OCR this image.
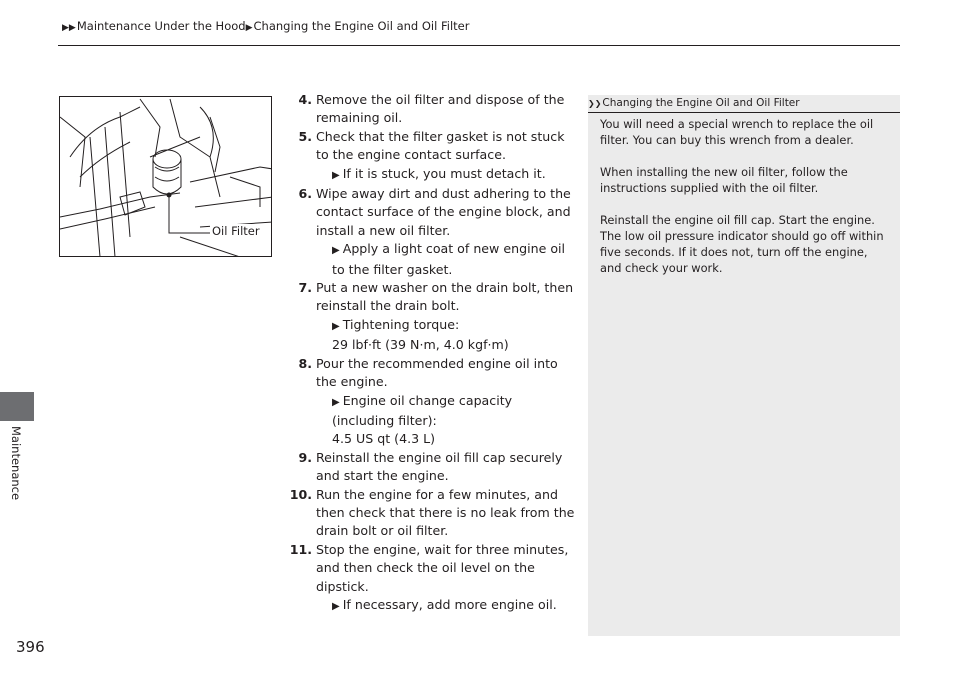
▶▶Maintenance Under the Hood▶Changing the Engine Oil and Oil Filter
Oil Filter
4. Remove the oil filter and dispose of the remaining oil.
5. Check that the filter gasket is not stuck to the engine contact surface.
▶ If it is stuck, you must detach it.
6. Wipe away dirt and dust adhering to the contact surface of the engine block, and install a new oil filter.
▶ Apply a light coat of new engine oil to the filter gasket.
7. Put a new washer on the drain bolt, then reinstall the drain bolt.
▶ Tightening torque:
29 lbf·ft (39 N·m, 4.0 kgf·m)
8. Pour the recommended engine oil into the engine.
▶ Engine oil change capacity (including filter):
4.5 US qt (4.3 L)
9. Reinstall the engine oil fill cap securely and start the engine.
10. Run the engine for a few minutes, and then check that there is no leak from the drain bolt or oil filter.
11. Stop the engine, wait for three minutes, and then check the oil level on the dipstick.
▶ If necessary, add more engine oil.
❯❯Changing the Engine Oil and Oil Filter

You will need a special wrench to replace the oil filter. You can buy this wrench from a dealer.

When installing the new oil filter, follow the instructions supplied with the oil filter.

Reinstall the engine oil fill cap. Start the engine. The low oil pressure indicator should go off within five seconds. If it does not, turn off the engine, and check your work.

Maintenance
396
